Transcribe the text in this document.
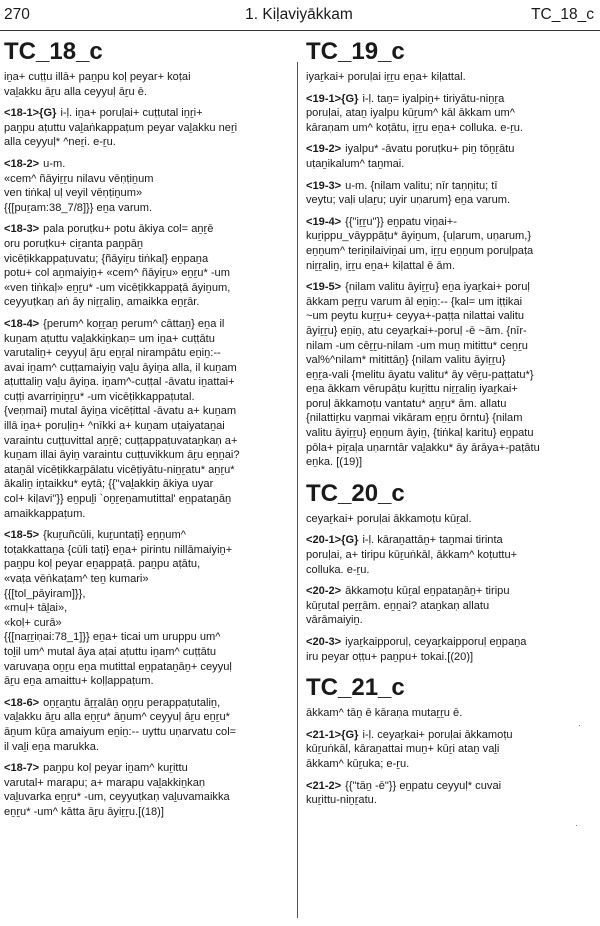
270	1. Kiḷaviyākkam	TC_18_c
TC_18_c
iṉa+ cuṭṭu illā+ paṉpu koḷ peyar+ koṭai
vaḻakku āṟu alla ceyyuḷ āṟu ē.
<18-1>{G} i-ḷ. iṉa+ poruḷai+ cuṭṭutal iṉṟi+
paṉpu aṭuttu vaḻaṅkappaṭum peyar vaḻakku neṟi
alla ceyyuḷ* ^neṟi. e-ṟu.
<18-2> u-m.
«cem^ ñāyiṟṟu nilavu vēṇṭiṉum
ven tiṅkaḷ uḷ veyil vēṇṭiṉum»
{{[puṟam:38_7/8]}} eṉa varum.
<18-3> pala poruṭku+ potu ākiya col= aṉṟē
oru poruṭku+ ciṟanta paṉpāṉ
vicēṭikkappaṭuvatu; {ñāyiṟu tiṅkaḷ} eṉpaṉa
potu+ col aṉmaiyiṉ+ «cem^ ñāyiṟu» eṉṟu* -um
«ven tiṅkaḷ» eṉṟu* -um vicēṭikkappaṭā āyiṉum,
ceyyuṭkaṇ aṅ āy niṟṟaliṉ, amaikka eṉṟār.
<18-4> {perum^ koṟṟaṉ perum^ cāttaṉ} eṉa il
kuṉam aṭuttu vaḻakkiṉkaṇ= um iṉa+ cuṭṭātu
varutaliṉ+ ceyyuḷ āṟu eṉṟal nirampātu eṉiṉ:--
avai iṉam^ cuṭṭamaiyiṉ vaḻu āyiṉa alla, il kuṉam
aṭuttaliṉ vaḻu āyiṉa. iṉam^-cuṭṭal -āvatu iṉattai+
cuṭṭi avarriṉiṉṟu* -um vicēṭikkappaṭutal.
{veṇmai} mutal āyiṉa vicēṭittal -āvatu a+ kuṉam
illā iṉa+ poruḷiṉ+ ^nīkki a+ kuṉam uṭaiyataṉai
varaintu cuṭṭuvittal aṉṟē; cuṭṭappaṭuvataṉkaṇ a+
kuṉam illai āyiṉ varaintu cuṭṭuvikkum āṟu eṉṉai?
ataṉāl vicēṭikkaṟpālatu vicēṭiyātu-niṉṟatu* aṉṟu*
ākaliṉ iṉtaikku* eytā; {{"vaḻakkiṉ ākiya uyar
col+ kiḷavi"}} eṉpuḻi `oṉṟeṉamutittal' eṉpataṉāṉ
amaikkappaṭum.
<18-5> {kuṟuñcūli, kuṟuntaṭi} eṉṉum^
toṭakkattaṉa {cūli taṭi} eṉa+ pirintu nillāmaiyiṉ+
paṉpu koḷ peyar eṉappaṭā. paṉpu aṭātu,
«vaṭa vēṅkaṭam^ teṉ kumari»
{{[tol_pāyiram]}},
«muḷ+ tāḻai»,
«koḷ+ curā»
{{[naṟṟiṇai:78_1]}} eṉa+ ticai um uruppu um^
toḻil um^ mutal āya aṭai aṭuttu iṉam^ cuṭṭātu
varuvaṉa oṉṟu eṉa mutittal eṉpataṉāṉ+ ceyyuḷ
āṟu eṉa amaittu+ koḷḷappaṭum.
<18-6> oṉṟaṉtu āṟṟalāṉ oṉṟu perappaṭutaliṉ,
vaḻakku āṟu alla eṉṟu* āṉum^ ceyyuḷ āṟu eṉṟu*
āṉum kūṟa amaiyum eṉiṉ:-- uyttu uṇarvatu col=
il vaḻi eṉa marukka.
<18-7> paṉpu koḷ peyar iṉam^ kuṟittu
varutal+ marapu; a+ marapu vaḻakkiṉkaṇ
vaḻuvarka eṉṟu* -um, ceyyuṭkaṇ vaḻuvamaikka
eṉṟu* -um^ kātta āṟu āyiṟṟu.[(18)]
TC_19_c
iyaṟkai+ poruḷai iṟṟu eṉa+ kiḷattal.
<19-1>{G} i-ḷ. taṉ= iyalpiṉ+ tiriyātu-niṉṟa
poruḷai, ataṉ iyalpu kūṟum^ kāl ākkam um^
kāraṇam um^ koṭātu, iṟṟu eṉa+ colluka. e-ṟu.
<19-2> iyalpu* -āvatu poruṭku+ piṉ tōṉṟātu
uṭaṉikalum^ taṉmai.
<19-3> u-m. {nilam valitu; nīr taṇṇitu; tī
veytu; vaḷi uḷaṟu; uyir uṇarum} eṉa varum.
<19-4> {{"iṟṟu"}} eṉpatu viṉai+-
kuṟippu_vāyppāṭu* āyiṉum, {uḷarum, uṇarum,}
eṉṉum^ teriṉilaiviṉai um, iṟṟu eṉṉum poruḷpaṭa
niṟṟaliṉ, iṟṟu eṉa+ kiḷattal ē ām.
<19-5> {nilam valitu āyiṟṟu} eṉa iyaṟkai+ poruḷ
ākkam peṟṟu varum āl eṉiṉ:-- {kal= um iṭṭikai
~um peytu kuṟṟu+ ceyya+-paṭṭa nilattai valitu
āyiṟṟu} eṉiṉ, atu ceyaṟkai+-poruḷ -ē ~ām. {nīr-
nilam -um cēṟṟu-nilam -um muṉ mitittu* ceṉṟu
val%^nilam* mitittāṉ} {nilam valitu āyiṟṟu}
eṉṟa-vali {melitu āyatu valitu* āy vēṟu-paṭṭatu*}
eṉa ākkam vērupāṭu kuṟittu niṟṟaliṉ iyaṟkai+
poruḷ ākkamoṭu vantatu* aṉṟu* ām. allatu
{nilattiṟku vaṉmai vikāram eṉṟu ōrntu} {nilam
valitu āyiṟṟu} eṉṉum āyiṉ, {tiṅkaḷ karitu} eṉpatu
pōla+ piṟaḷa uṇarntār vaḻakku* āy ārāya+-paṭātu
eṉka. [(19)]
TC_20_c
ceyaṟkai+ poruḷai ākkamoṭu kūṟal.
<20-1>{G} i-ḷ. kāraṉattāṉ+ taṉmai tirinta
poruḷai, a+ tiripu kūṟuṅkāl, ākkam^ koṭuttu+
colluka. e-ṟu.
<20-2> ākkamoṭu kūṟal eṉpataṉāṉ+ tiripu
kūṟutal peṟṟām. eṉṉai? ataṉkaṇ allatu
vārāmaiyiṉ.
<20-3> iyaṟkaipporuḷ, ceyaṟkaipporuḷ eṉpaṉa
iru peyar oṭṭu+ paṉpu+ tokai.[(20)]
TC_21_c
ākkam^ tāṉ ē kāraṇa mutaṟṟu ē.
<21-1>{G} i-ḷ. ceyaṟkai+ poruḷai ākkamoṭu
kūṟuṅkāl, kāraṉattai muṉ+ kūṟi ataṉ vaḻi
ākkam^ kūṟuka; e-ṟu.
<21-2> {{"tāṉ -ē"}} eṉpatu ceyyuḷ* cuvai
kuṟittu-niṉṟatu.
·
·
